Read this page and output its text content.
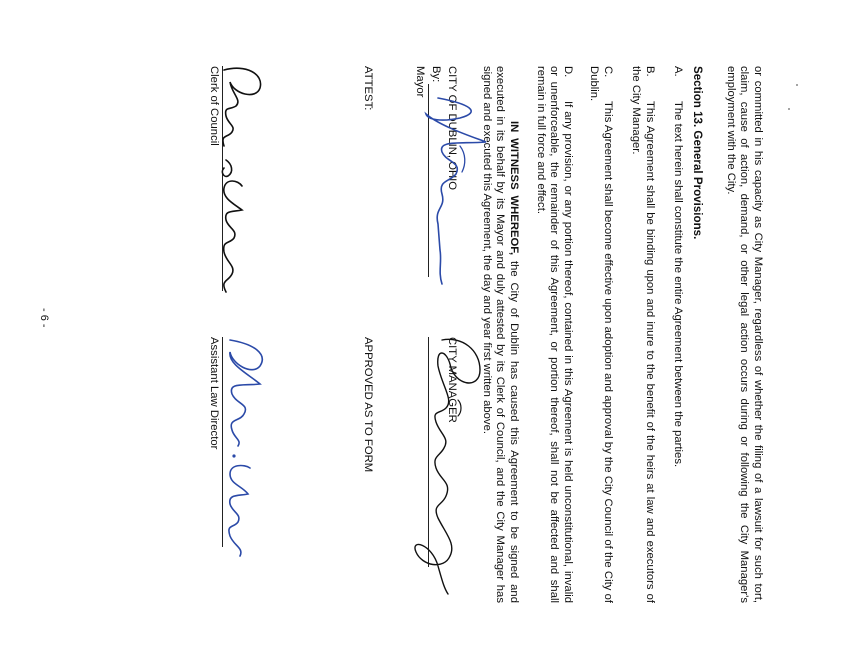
or committed in his capacity as City Manager, regardless of whether the filing of a lawsuit for such tort, claim, cause of action, demand, or other legal action occurs during or following the City Manager's employment with the City.

Section 13. General Provisions.
A.
The text herein shall constitute the entire Agreement between the parties.
B.
This Agreement shall be binding upon and inure to the benefit of the heirs at law and executors of the City Manager.
C.
This Agreement shall become effective upon adoption and approval by the City Council of the City of Dublin.
D.
If any provision, or any portion thereof, contained in this Agreement is held unconstitutional, invalid or unenforceable, the remainder of this Agreement, or portion thereof, shall not be affected and shall remain in full force and effect.
IN WITNESS WHEREOF, the City of Dublin has caused this Agreement to be signed and executed in its behalf by its Mayor and duly attested by its Clerk of Council, and the City Manager has signed and executed this Agreement, the day and year first written above.
CITY OF DUBLIN, OHIO
By:
Mayor
CITY MANAGER
ATTEST:
Clerk of Council
APPROVED AS TO FORM
Assistant Law Director
- 6 -
